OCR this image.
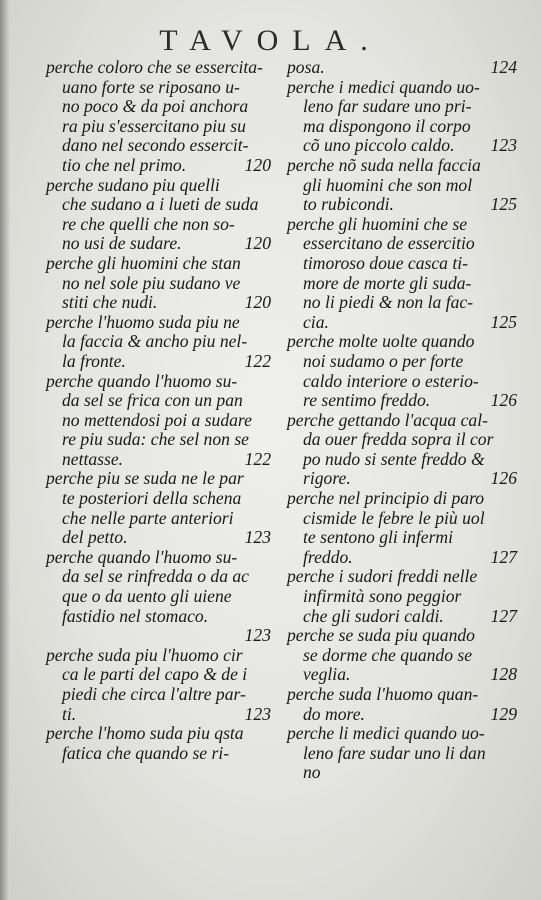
TAVOLA.
perche coloro che se essercita-
uano forte se riposano u-
no poco & da poi anchora
ra piu s'essercitano piu su
dano nel secondo essercit-
tio che nel primo.	120
perche sudano piu quelli
che sudano a i lueti de suda
re che quelli che non so-
no usi de sudare.	120
perche gli huomini che stan
no nel sole piu sudano ve
stiti che nudi.	120
perche l'huomo suda piu ne
la faccia & ancho piu nel-
la fronte.	122
perche quando l'huomo su-
da sel se frica con un pan
no mettendosi poi a sudare
re piu suda: che sel non se
nettasse.	122
perche piu se suda ne le par
te posteriori della schena
che nelle parte anteriori
del petto.	123
perche quando l'huomo su-
da sel se rinfredda o da ac
que o da uento gli uiene
fastidio nel stomaco.
123
perche suda piu l'huomo cir
ca le parti del capo & de i
piedi che circa l'altre par-
ti.	123
perche l'homo suda piu qsta
fatica che quando se ri-
posa.	124
perche i medici quando uo-
leno far sudare uno pri-
ma dispongono il corpo
cõ uno piccolo caldo. 123
perche nõ suda nella faccia
gli huomini che son mol
to rubicondi.	125
perche gli huomini che se
essercitano de essercitio
timoroso doue casca ti-
more de morte gli suda-
no li piedi & non la fac-
cia.	125
perche molte uolte quando
noi sudamo o per forte
caldo interiore o esterio-
re sentimo freddo.	126
perche gettando l'acqua cal-
da ouer fredda sopra il cor
po nudo si sente freddo &
rigore.	126
perche nel principio di paro
cismide le febre le più uol
te sentono gli infermi
freddo.	127
perche i sudori freddi nelle
infirmità sono peggior
che gli sudori caldi.	127
perche se suda piu quando
se dorme che quando se
veglia.	128
perche suda l'huomo quan-
do more.	129
perche li medici quando uo-
leno fare sudar uno li dan
no
